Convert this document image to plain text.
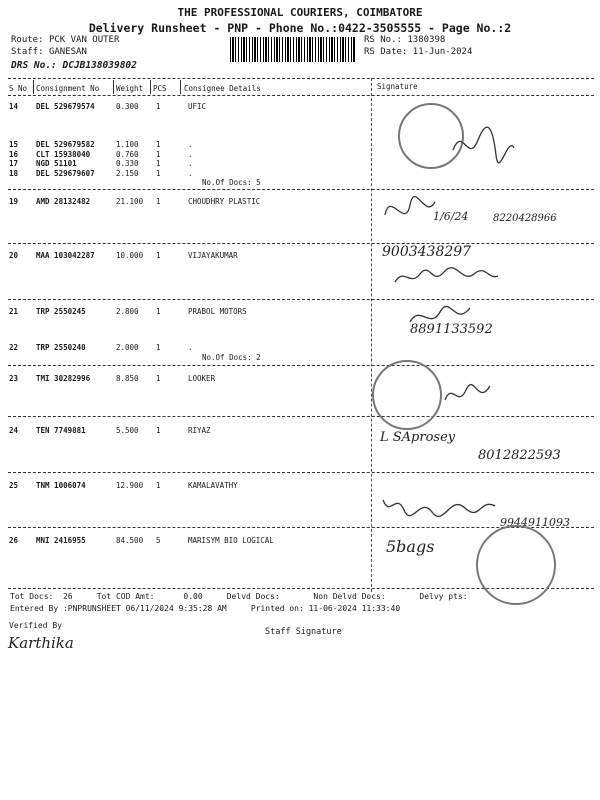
THE PROFESSIONAL COURIERS, COIMBATORE
Delivery Runsheet - PNP - Phone No.:0422-3505555 - Page No.:2
Route: PCK VAN OUTER
Staff: GANESAN
DRS No.: DCJB138039802
RS No.: 1380398
RS Date: 11-Jun-2024
S No Consignment No Weight PCS Consignee Details	Signature
14 DEL 529679574	0.300 1	UFIC
15 DEL 529679582	1.100 1	.
16 CLT 15938040	0.760 1	.
17 NGD 51101	0.330 1	.
18 DEL 529679607	2.150 1	.
19 AMD 28132482	21.100 1	CHOUDHRY PLASTIC
20 MAA 103042287	10.000 1	VIJAYAKUMAR
21 TRP 2550245	2.800 1	PRABOL MOTORS
22 TRP 2550240	2.000 1	.
23 TMI 30282996	8.850 1	LOOKER
24 TEN 7749881	5.500 1	RIYAZ
25 TNM 1006074	12.900 1	KAMALAVATHY
26 MNI 2416955	84.500 5	MARISYM BIO LOGICAL
No.Of Docs: 5
No.Of Docs: 2
1/6/24 8220428966
9003438297
8891133592
L SAprosey
8012822593
9944911093
5bags
Tot Docs:  26     Tot COD Amt:      0.00     Delvd Docs:       Non Delvd Docs:       Delvy pts:
Entered By :PNPRUNSHEET 06/11/2024 9:35:28 AM     Printed on: 11-06-2024 11:33:40
Verified By
Staff Signature
Karthika
